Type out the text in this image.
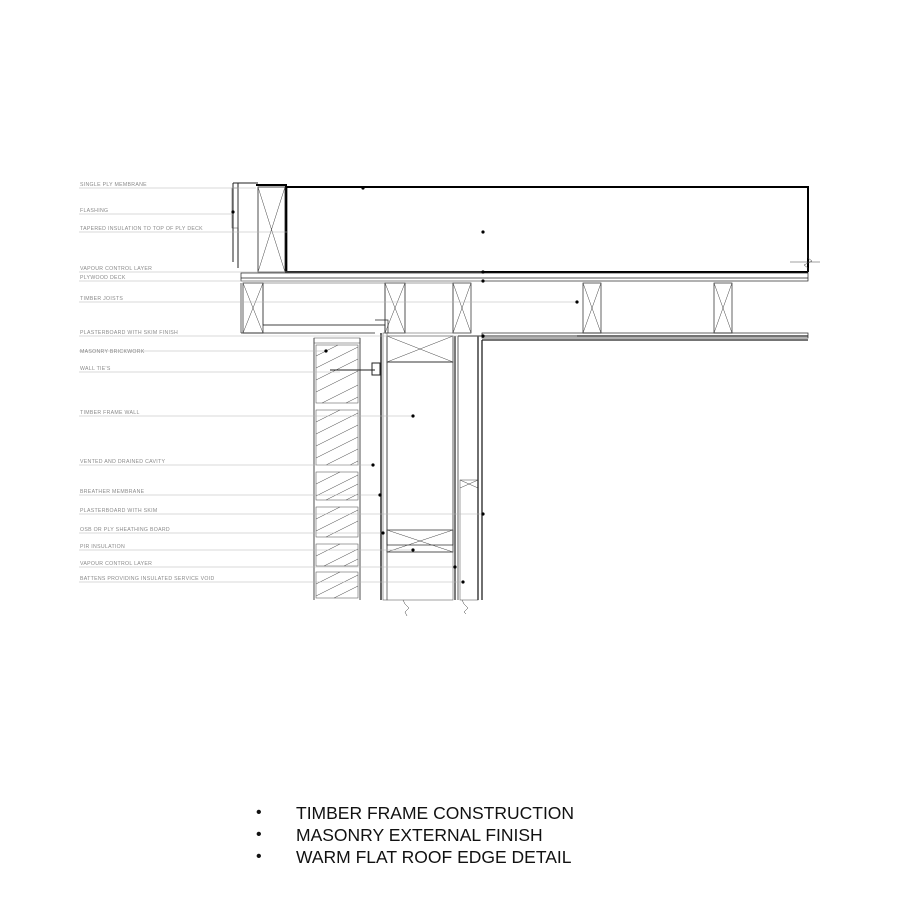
SINGLE PLY MEMBRANE
FLASHING
TAPERED INSULATION TO TOP OF PLY DECK
VAPOUR CONTROL LAYER
PLYWOOD DECK
TIMBER JOISTS
PLASTERBOARD WITH SKIM FINISH
MASONRY BRICKWORK
WALL TIE'S
TIMBER FRAME WALL
VENTED AND DRAINED CAVITY
BREATHER MEMBRANE
PLASTERBOARD WITH SKIM
OSB OR PLY SHEATHING BOARD
PIR INSULATION
VAPOUR CONTROL LAYER
BATTENS PROVIDING INSULATED SERVICE VOID
• TIMBER FRAME CONSTRUCTION
• MASONRY EXTERNAL FINISH
• WARM FLAT ROOF EDGE DETAIL
